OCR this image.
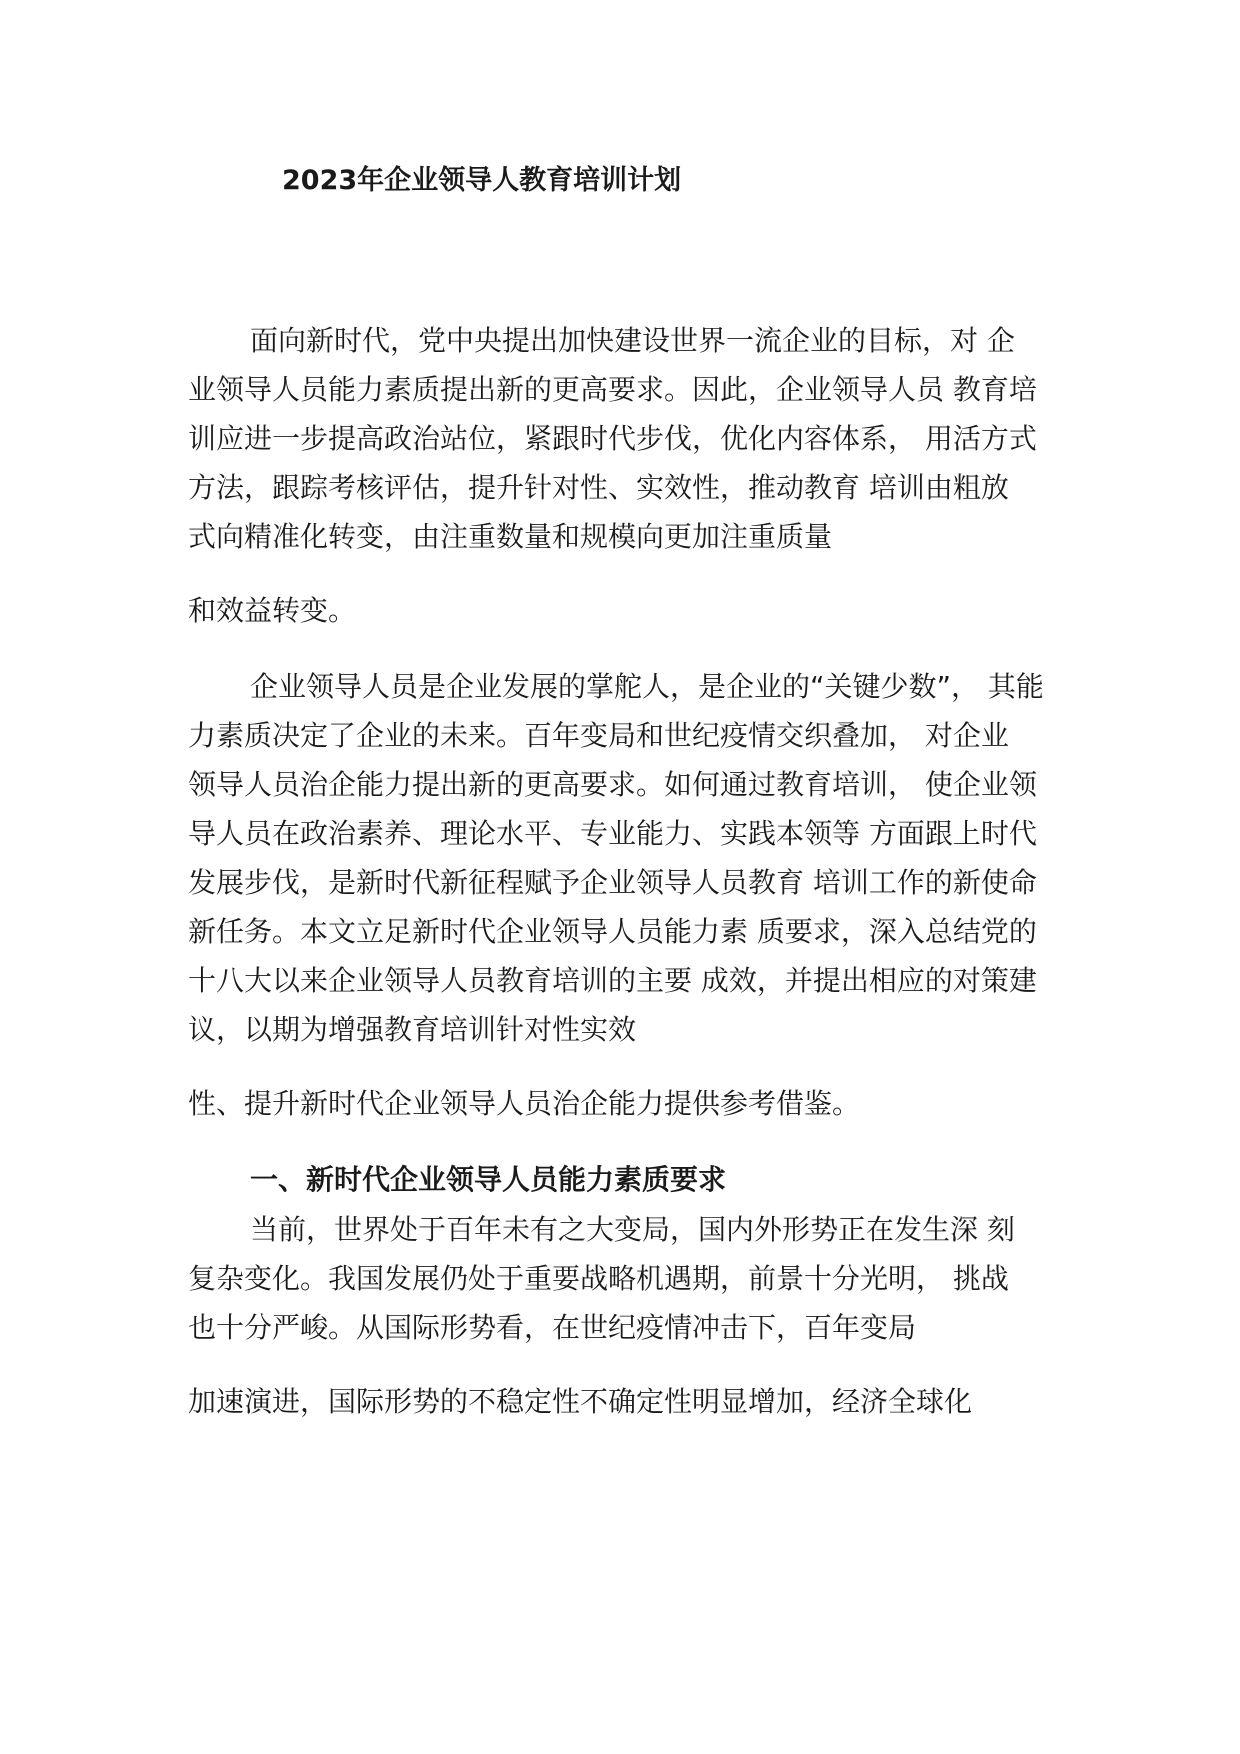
2023年企业领导人教育培训计划
面向新时代，党中央提出加快建设世界一流企业的目标，对 企
业领导人员能力素质提出新的更高要求。因此，企业领导人员 教育培
训应进一步提高政治站位，紧跟时代步伐，优化内容体系， 用活方式
方法，跟踪考核评估，提升针对性、实效性，推动教育 培训由粗放
式向精准化转变，由注重数量和规模向更加注重质量
和效益转变。
企业领导人员是企业发展的掌舵人，是企业的“关键少数”， 其能
力素质决定了企业的未来。百年变局和世纪疫情交织叠加， 对企业
领导人员治企能力提出新的更高要求。如何通过教育培训， 使企业领
导人员在政治素养、理论水平、专业能力、实践本领等 方面跟上时代
发展步伐，是新时代新征程赋予企业领导人员教育 培训工作的新使命
新任务。本文立足新时代企业领导人员能力素 质要求，深入总结党的
十八大以来企业领导人员教育培训的主要 成效，并提出相应的对策建
议，以期为增强教育培训针对性实效
性、提升新时代企业领导人员治企能力提供参考借鉴。
一、新时代企业领导人员能力素质要求
当前，世界处于百年未有之大变局，国内外形势正在发生深 刻
复杂变化。我国发展仍处于重要战略机遇期，前景十分光明， 挑战
也十分严峻。从国际形势看，在世纪疫情冲击下，百年变局
加速演进，国际形势的不稳定性不确定性明显增加，经济全球化
